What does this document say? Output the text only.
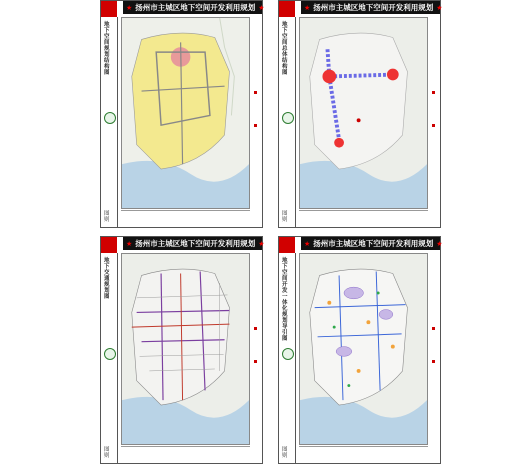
★ 扬州市主城区地下空间开发利用规划 ★
地下空间规划结构图
图则
★ 扬州市主城区地下空间开发利用规划 ★
地下空间总体结构图
图则
★ 扬州市主城区地下空间开发利用规划 ★
地下交通规划图
图则
★ 扬州市主城区地下空间开发利用规划 ★
地下空间开发一体化规划导引图
图则
